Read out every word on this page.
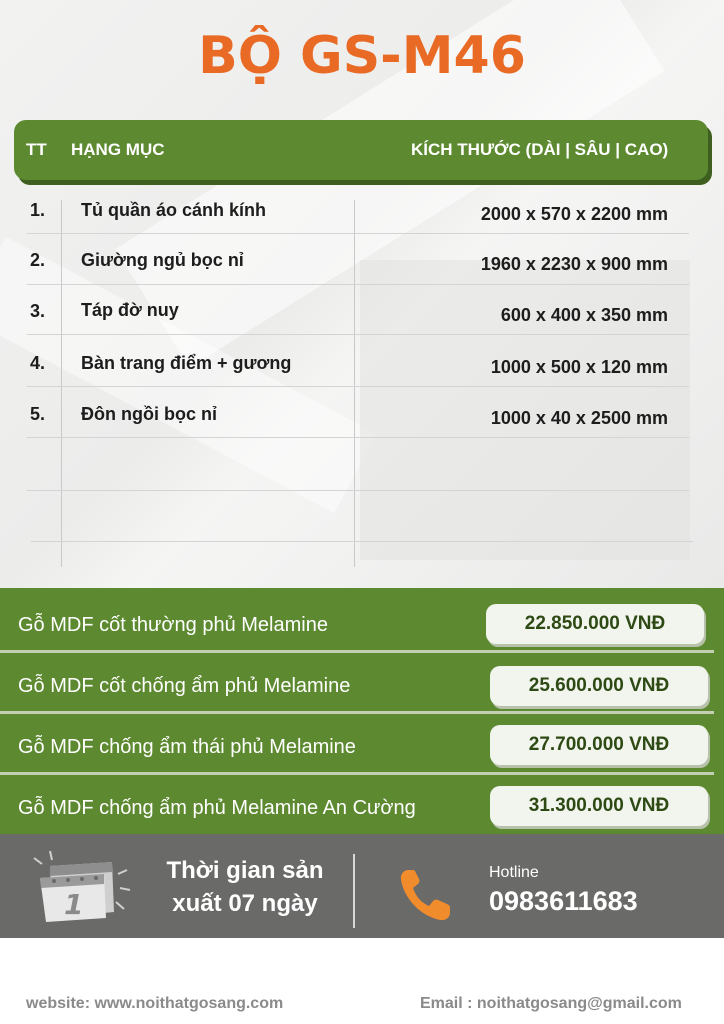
BỘ GS-M46
TT HẠNG MỤC	KÍCH THƯỚC (DÀI | SÂU | CAO)
1. Tủ quần áo cánh kính	2000 x 570 x 2200 mm
2. Giường ngủ bọc nỉ	1960 x 2230 x 900 mm
3. Táp đờ nuy	600 x 400 x 350 mm
4. Bàn trang điểm + gương	1000 x 500 x 120 mm
5. Đôn ngồi bọc nỉ	1000 x 40 x 2500 mm
Gỗ MDF cốt thường phủ Melamine	22.850.000 VNĐ
Gỗ MDF cốt chống ẩm phủ Melamine	25.600.000 VNĐ
Gỗ MDF chống ẩm thái phủ Melamine	27.700.000 VNĐ
Gỗ MDF chống ẩm phủ Melamine An Cường	31.300.000 VNĐ
1
Thời gian sản xuất 07 ngày
Hotline
0983611683
website: www.noithatgosang.com	Email : noithatgosang@gmail.com
